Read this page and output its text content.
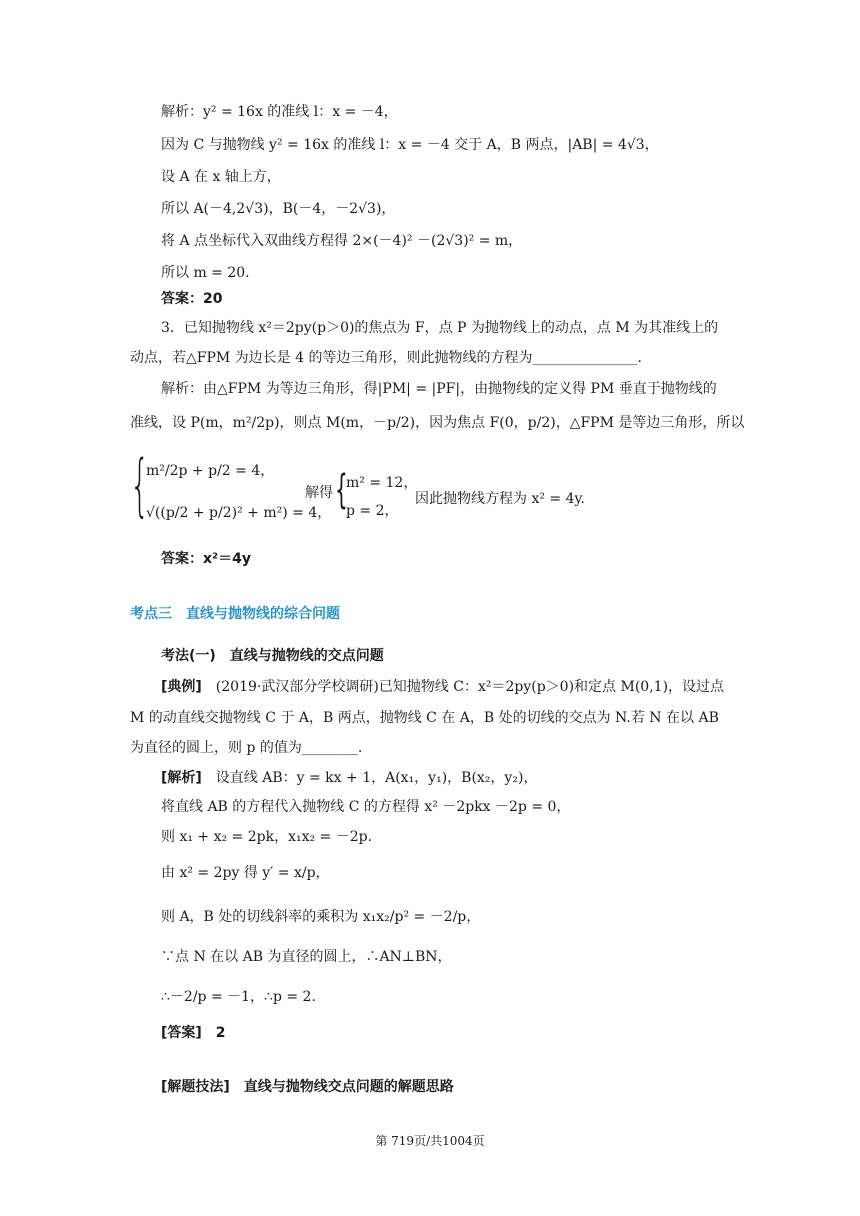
解析：y² = 16x 的准线 l：x = －4，
因为 C 与抛物线 y² = 16x 的准线 l：x = －4 交于 A，B 两点，|AB| = 4√3，
设 A 在 x 轴上方，
所以 A(－4,2√3)，B(－4，－2√3)，
将 A 点坐标代入双曲线方程得 2×(－4)² －(2√3)² = m，
所以 m = 20.
答案：20
3．已知抛物线 x²＝2py(p＞0)的焦点为 F，点 P 为抛物线上的动点，点 M 为其准线上的
动点，若△FPM 为边长是 4 的等边三角形，则此抛物线的方程为_______________.
解析：由△FPM 为等边三角形，得|PM| = |PF|，由抛物线的定义得 PM 垂直于抛物线的
准线，设 P(m，m²/2p)，则点 M(m，－p/2)，因为焦点 F(0，p/2)，△FPM 是等边三角形，所以
{
m²/2p + p/2 = 4，
√((p/2 + p/2)² + m²) = 4，
解得 {
m² = 12，
p = 2，
因此抛物线方程为 x² = 4y.
答案：x²＝4y
考点三　直线与抛物线的综合问题
考法(一)　直线与抛物线的交点问题
[典例]　 (2019·武汉部分学校调研)已知抛物线 C：x²＝2py(p＞0)和定点 M(0,1)，设过点
M 的动直线交抛物线 C 于 A，B 两点，抛物线 C 在 A，B 处的切线的交点为 N.若 N 在以 AB
为直径的圆上，则 p 的值为________.
[解析]　 设直线 AB：y = kx + 1，A(x₁，y₁)，B(x₂，y₂)，
将直线 AB 的方程代入抛物线 C 的方程得 x² －2pkx －2p = 0，
则 x₁ + x₂ = 2pk，x₁x₂ = －2p.
由 x² = 2py 得 y′ = x/p，
则 A，B 处的切线斜率的乘积为 x₁x₂/p² = －2/p，
∵点 N 在以 AB 为直径的圆上，∴AN⊥BN，
∴－2/p = －1，∴p = 2.
[答案]　2
[解题技法]　直线与抛物线交点问题的解题思路
第 719页/共1004页
